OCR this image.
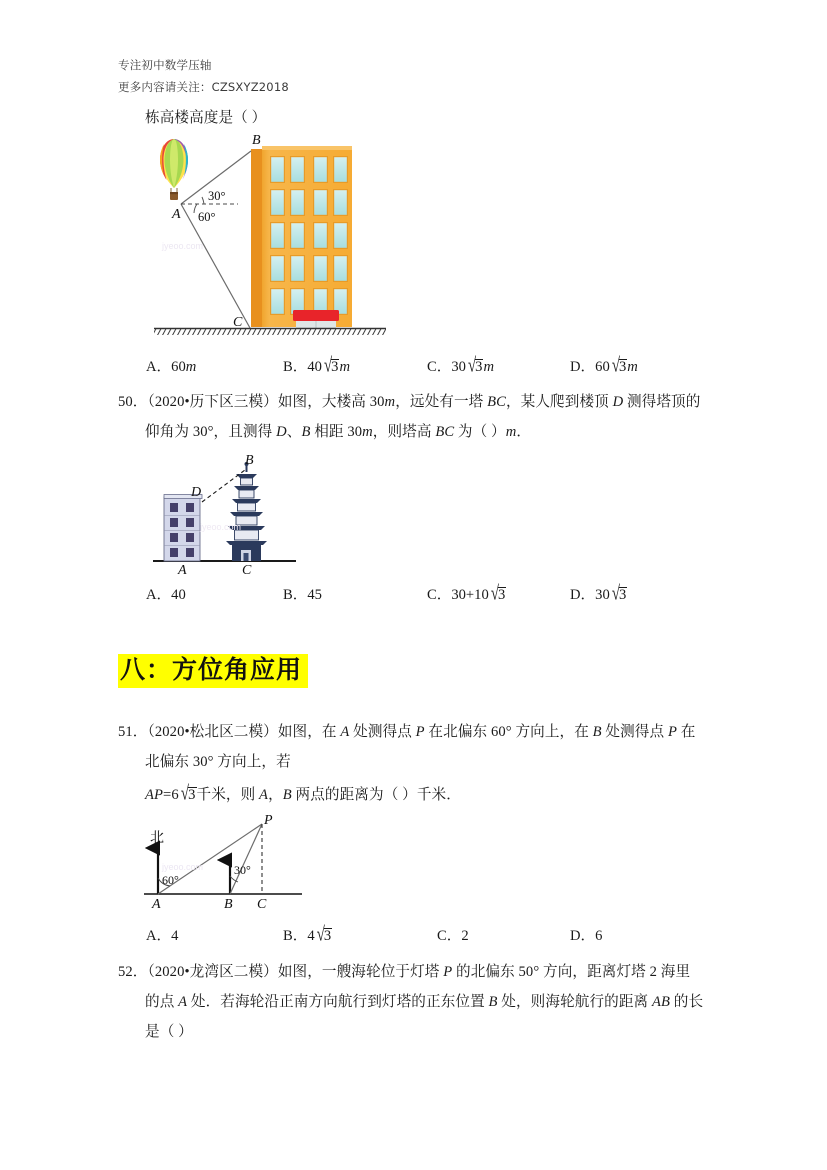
专注初中数学压轴
更多内容请关注：CZSXYZ2018
栋高楼高度是（ ）
B
A
C
30°
60°
jyeoo.com
A．60m	B．40 √3m	C．30 √3m	D．60 √3m
50．（2020•历下区三模）如图，大楼高 30m，远处有一塔 BC，某人爬到楼顶 D 测得塔顶的
仰角为 30°，且测得 D、B 相距 30m，则塔高 BC 为（ ）m．
D
B
A	C
jyeoo.com
A．40	B．45	C．30+10 √3	D．30 √3
八：方位角应用
51．（2020•松北区二模）如图，在 A 处测得点 P 在北偏东 60° 方向上，在 B 处测得点 P 在
北偏东 30° 方向上，若
AP=6 √3千米，则 A，B 两点的距离为（ ）千米．
北
60°
30°
P
A	B C
jyeoo.com
A．4	B．4 √3	C．2	D．6
52．（2020•龙湾区二模）如图，一艘海轮位于灯塔 P 的北偏东 50° 方向，距离灯塔 2 海里
的点 A 处．若海轮沿正南方向航行到灯塔的正东位置 B 处，则海轮航行的距离 AB 的长
是（ ）
